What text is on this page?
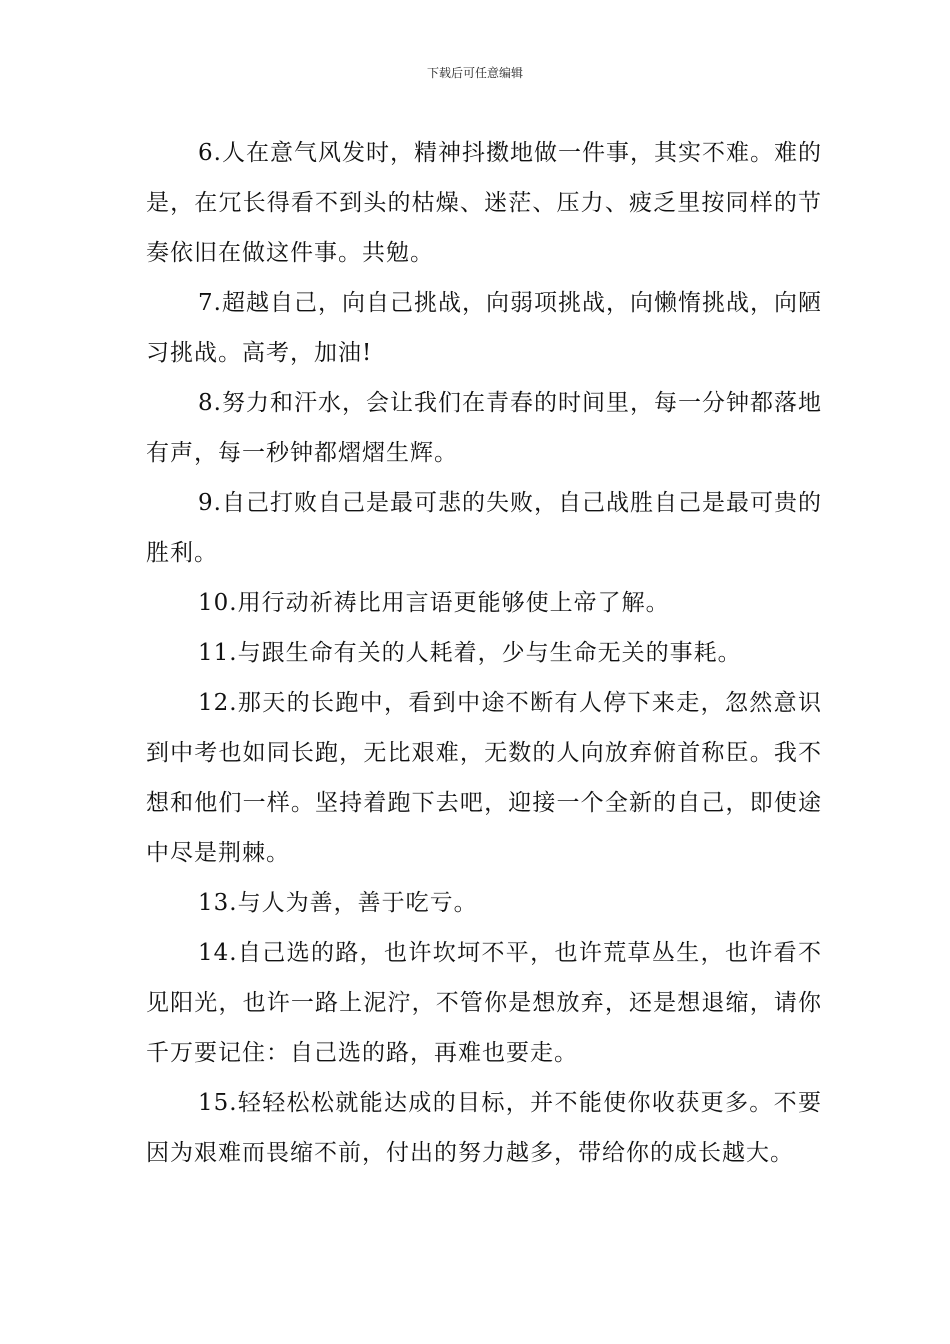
下载后可任意编辑

6.人在意气风发时，精神抖擞地做一件事，其实不难。难的是，在冗长得看不到头的枯燥、迷茫、压力、疲乏里按同样的节奏依旧在做这件事。共勉。

7.超越自己，向自己挑战，向弱项挑战，向懒惰挑战，向陋习挑战。高考，加油!

8.努力和汗水，会让我们在青春的时间里，每一分钟都落地有声，每一秒钟都熠熠生辉。

9.自己打败自己是最可悲的失败，自己战胜自己是最可贵的胜利。

10.用行动祈祷比用言语更能够使上帝了解。

11.与跟生命有关的人耗着，少与生命无关的事耗。

12.那天的长跑中，看到中途不断有人停下来走，忽然意识到中考也如同长跑，无比艰难，无数的人向放弃俯首称臣。我不想和他们一样。坚持着跑下去吧，迎接一个全新的自己，即使途中尽是荆棘。

13.与人为善，善于吃亏。

14.自己选的路，也许坎坷不平，也许荒草丛生，也许看不见阳光，也许一路上泥泞，不管你是想放弃，还是想退缩，请你千万要记住：自己选的路，再难也要走。

15.轻轻松松就能达成的目标，并不能使你收获更多。不要因为艰难而畏缩不前，付出的努力越多，带给你的成长越大。
